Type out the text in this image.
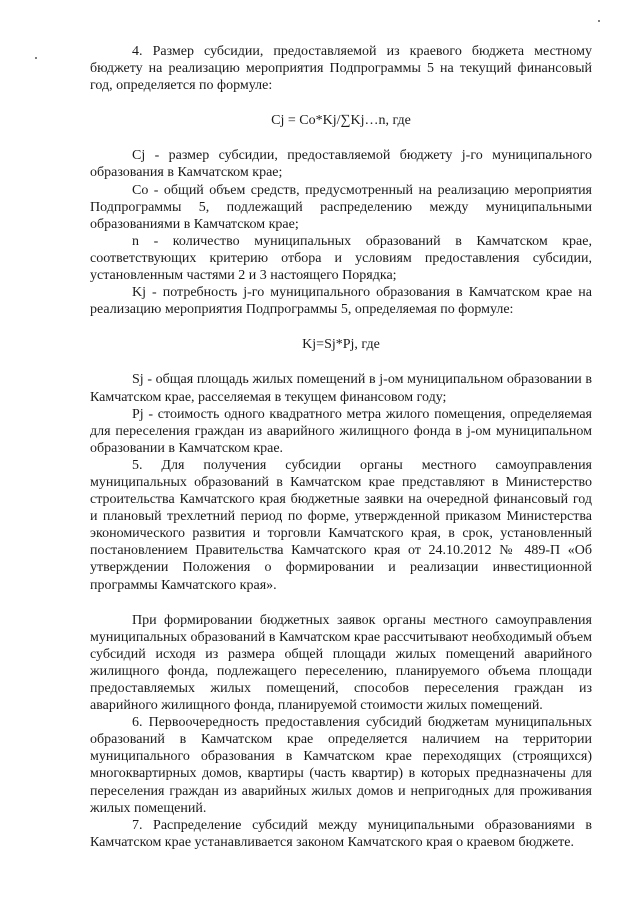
4. Размер субсидии, предоставляемой из краевого бюджета местному бюджету на реализацию мероприятия Подпрограммы 5 на текущий финансовый год, определяется по формуле:

Cj = Co*Kj/∑Kj…n, где

Cj - размер субсидии, предоставляемой бюджету j-го муниципального образования в Камчатском крае;

Co - общий объем средств, предусмотренный на реализацию мероприятия Подпрограммы 5, подлежащий распределению между муниципальными образованиями в Камчатском крае;

n - количество муниципальных образований в Камчатском крае, соответствующих критерию отбора и условиям предоставления субсидии, установленным частями 2 и 3 настоящего Порядка;

Kj - потребность j-го муниципального образования в Камчатском крае на реализацию мероприятия Подпрограммы 5, определяемая по формуле:

Kj=Sj*Pj, где

Sj - общая площадь жилых помещений в j-ом муниципальном образовании в Камчатском крае, расселяемая в текущем финансовом году;

Pj - стоимость одного квадратного метра жилого помещения, определяемая для переселения граждан из аварийного жилищного фонда в j-ом муниципальном образовании в Камчатском крае.

5. Для получения субсидии органы местного самоуправления муниципальных образований в Камчатском крае представляют в Министерство строительства Камчатского края бюджетные заявки на очередной финансовый год и плановый трехлетний период по форме, утвержденной приказом Министерства экономического развития и торговли Камчатского края, в срок, установленный постановлением Правительства Камчатского края от 24.10.2012 № 489-П «Об утверждении Положения о формировании и реализации инвестиционной программы Камчатского края».

При формировании бюджетных заявок органы местного самоуправления муниципальных образований в Камчатском крае рассчитывают необходимый объем субсидий исходя из размера общей площади жилых помещений аварийного жилищного фонда, подлежащего переселению, планируемого объема площади предоставляемых жилых помещений, способов переселения граждан из аварийного жилищного фонда, планируемой стоимости жилых помещений.

6. Первоочередность предоставления субсидий бюджетам муниципальных образований в Камчатском крае определяется наличием на территории муниципального образования в Камчатском крае переходящих (строящихся) многоквартирных домов, квартиры (часть квартир) в которых предназначены для переселения граждан из аварийных жилых домов и непригодных для проживания жилых помещений.

7. Распределение субсидий между муниципальными образованиями в Камчатском крае устанавливается законом Камчатского края о краевом бюджете.
